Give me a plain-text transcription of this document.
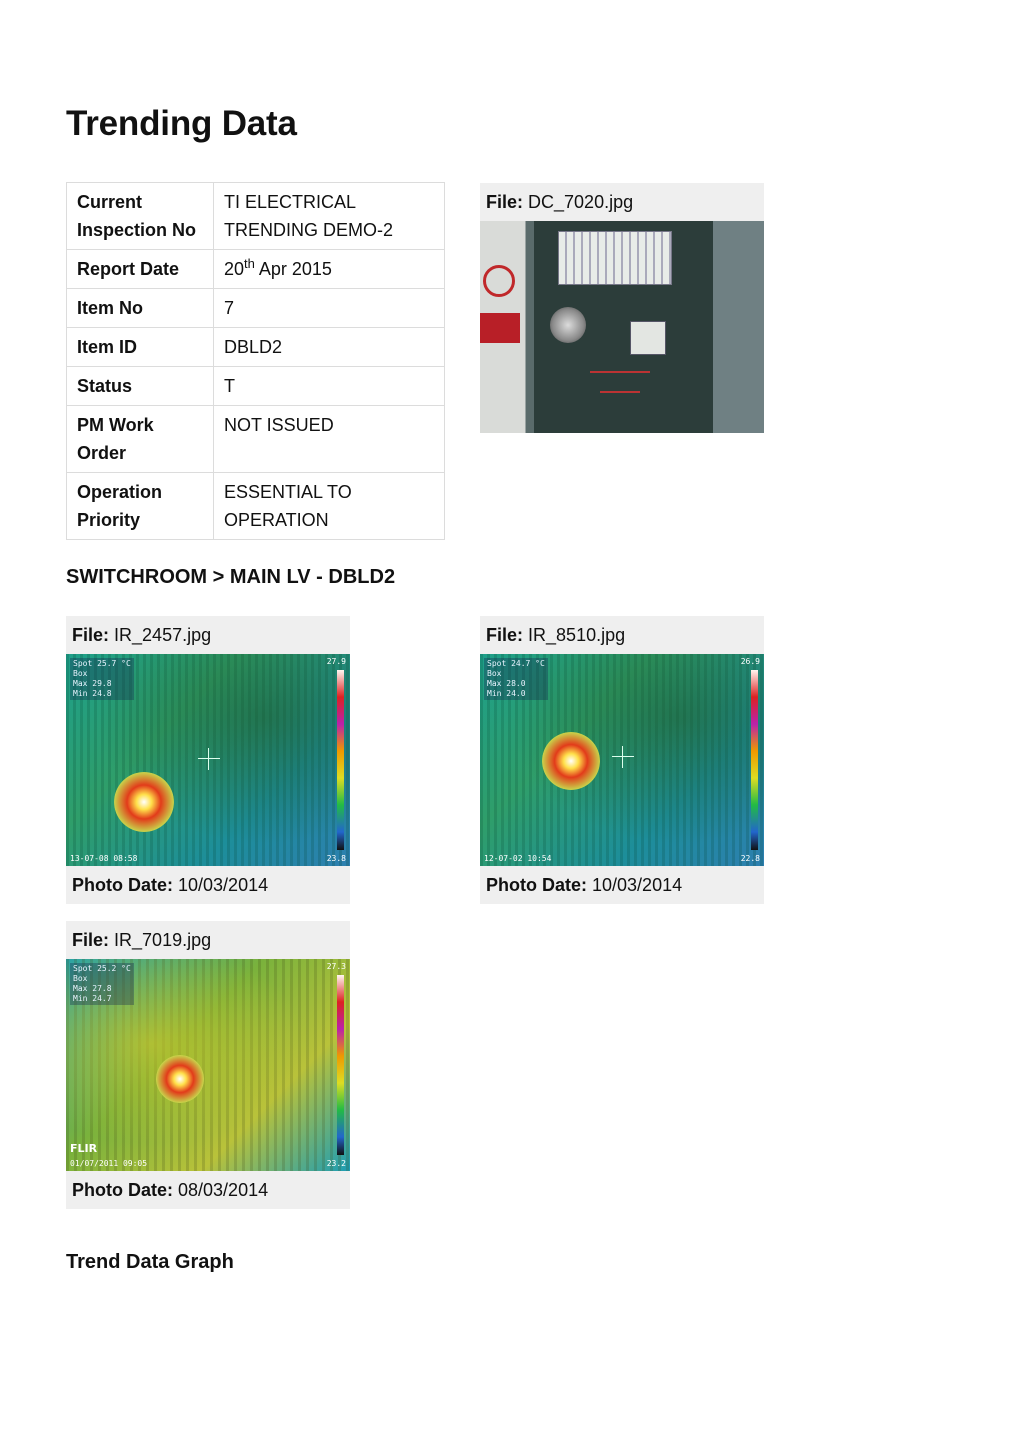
Trending Data
Current Inspection No	TI ELECTRICAL TRENDING DEMO-2
Report Date	20th Apr 2015
Item No	7
Item ID	DBLD2
Status	T
PM Work Order	NOT ISSUED
Operation Priority	ESSENTIAL TO OPERATION
File: DC_7020.jpg
SWITCHROOM > MAIN LV - DBLD2
File: IR_2457.jpg
Spot 25.7 °C
Box
Max 29.8
Min 24.8
27.9
23.8
13-07-08 08:58
Photo Date: 10/03/2014
File: IR_8510.jpg
Spot 24.7 °C
Box
Max 28.0
Min 24.0
26.9
22.8
12-07-02 10:54
Photo Date: 10/03/2014
File: IR_7019.jpg
Spot 25.2 °C
Box
Max 27.8
Min 24.7
27.3
23.2
FLIR
01/07/2011 09:05
Photo Date: 08/03/2014
Trend Data Graph
